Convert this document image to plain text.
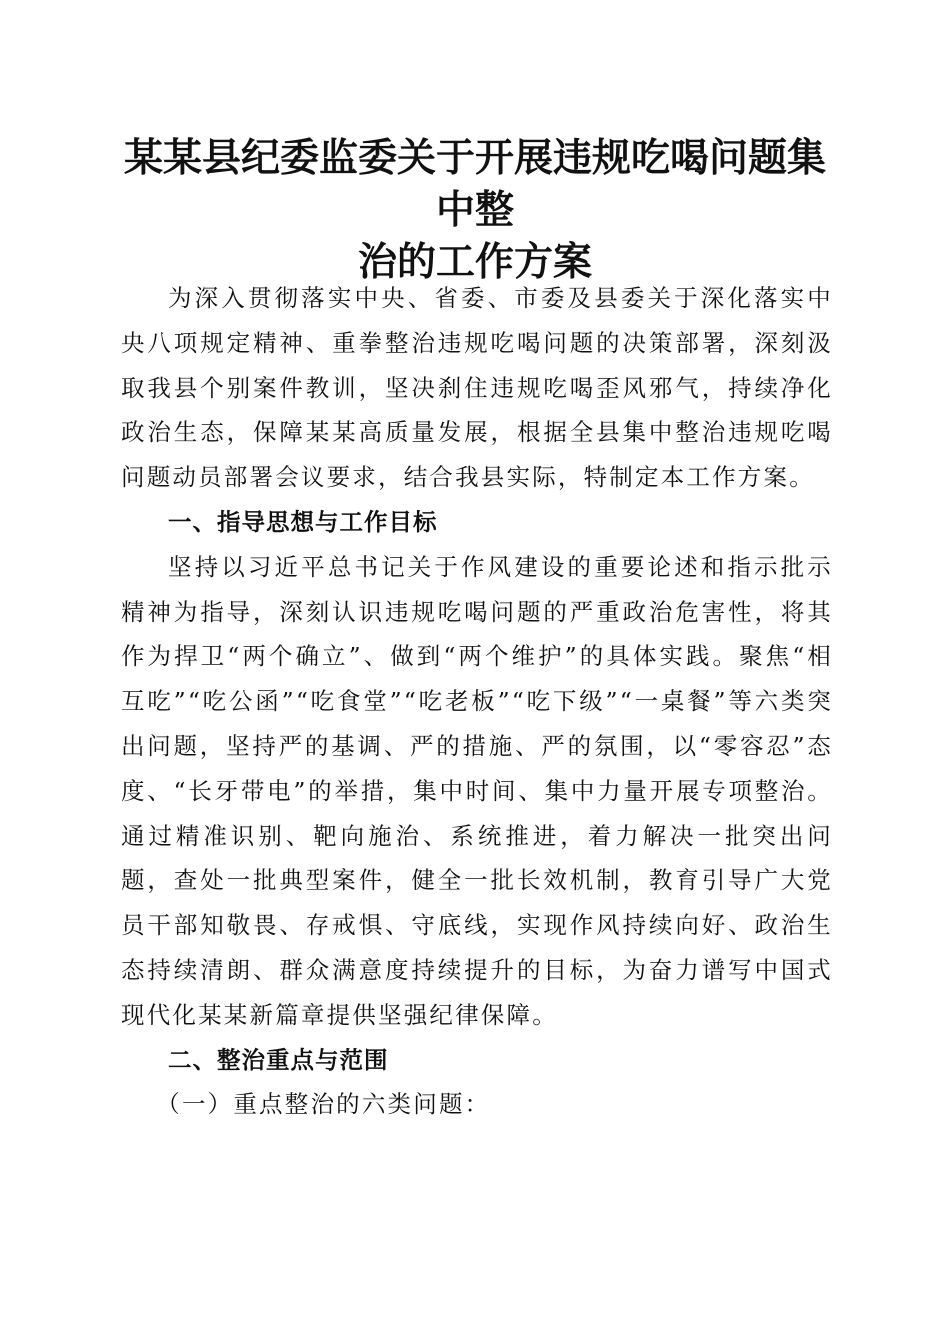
某某县纪委监委关于开展违规吃喝问题集中整
治的工作方案

为深入贯彻落实中央、省委、市委及县委关于深化落实中央八项规定精神、重拳整治违规吃喝问题的决策部署，深刻汲取我县个别案件教训，坚决刹住违规吃喝歪风邪气，持续净化政治生态，保障某某高质量发展，根据全县集中整治违规吃喝问题动员部署会议要求，结合我县实际，特制定本工作方案。

一、指导思想与工作目标

坚持以习近平总书记关于作风建设的重要论述和指示批示精神为指导，深刻认识违规吃喝问题的严重政治危害性，将其作为捍卫“两个确立”、做到“两个维护”的具体实践。聚焦“相互吃”“吃公函”“吃食堂”“吃老板”“吃下级”“一桌餐”等六类突出问题，坚持严的基调、严的措施、严的氛围，以“零容忍”态度、“长牙带电”的举措，集中时间、集中力量开展专项整治。通过精准识别、靶向施治、系统推进，着力解决一批突出问题，查处一批典型案件，健全一批长效机制，教育引导广大党员干部知敬畏、存戒惧、守底线，实现作风持续向好、政治生态持续清朗、群众满意度持续提升的目标，为奋力谱写中国式现代化某某新篇章提供坚强纪律保障。

二、整治重点与范围

（一）重点整治的六类问题：
